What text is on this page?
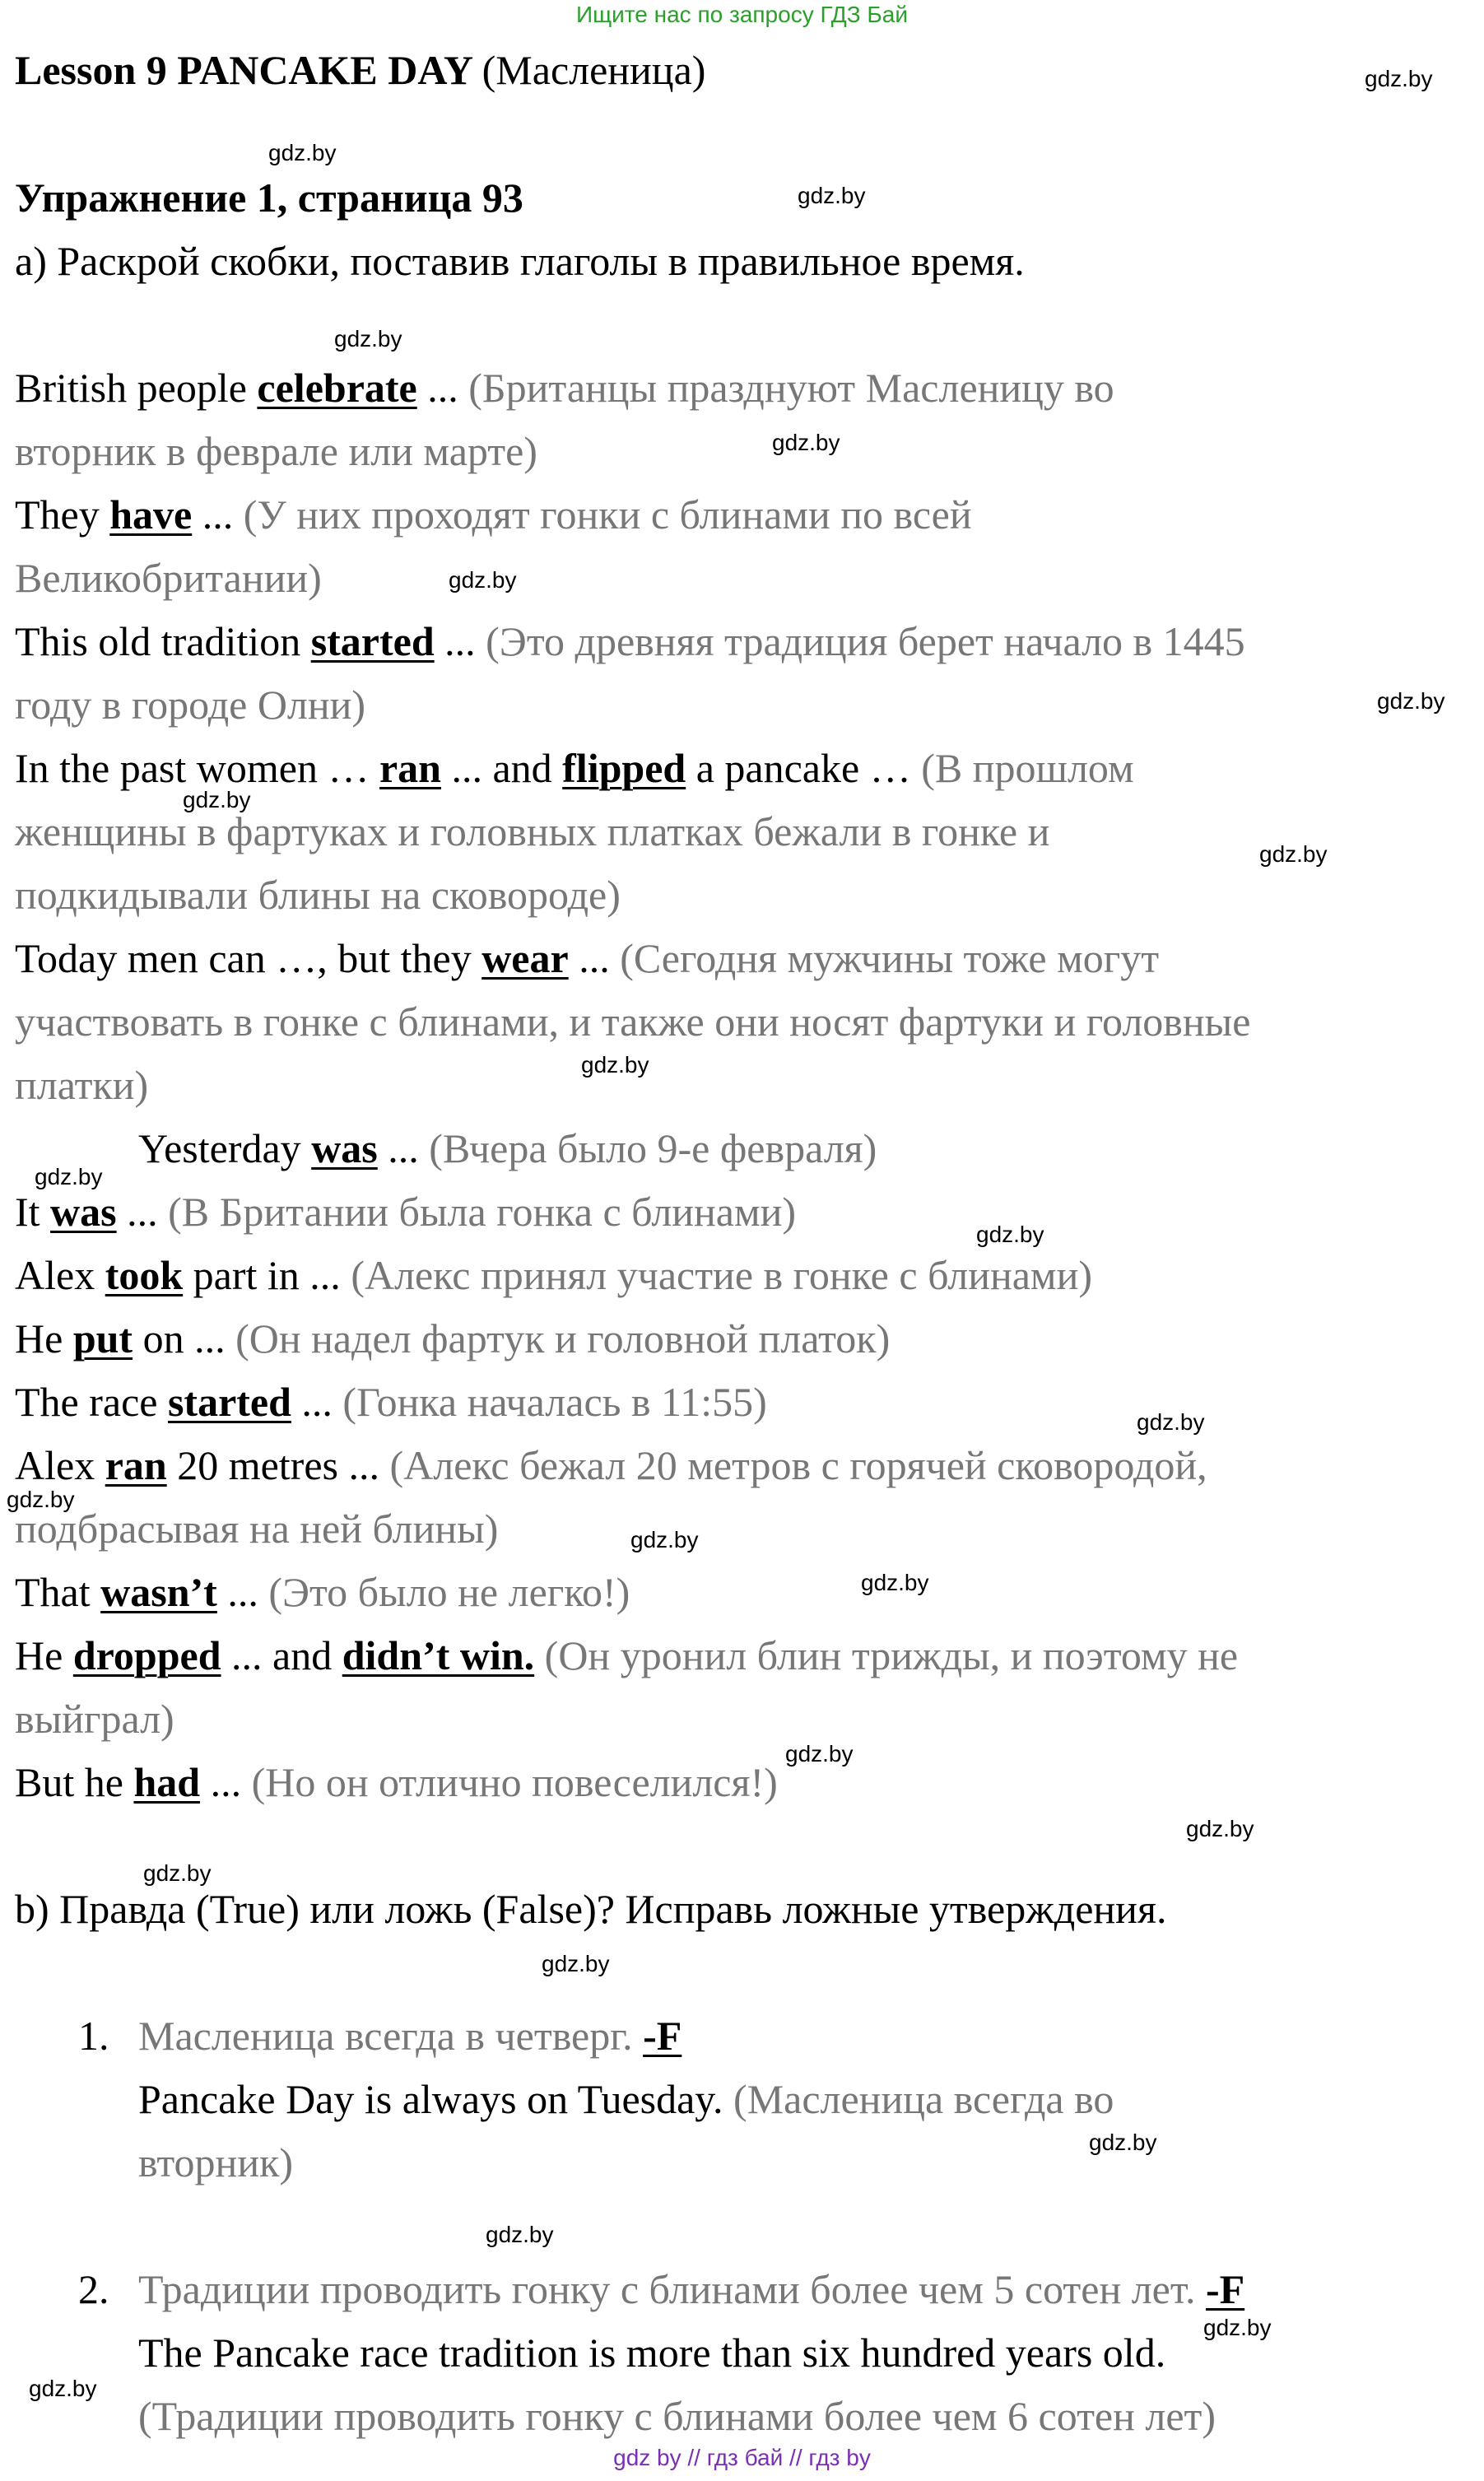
Ищите нас по запросу ГДЗ Бай
Lesson 9 PANCAKE DAY (Масленица)
Упражнение 1, страница 93
a) Раскрой скобки, поставив глаголы в правильное время.
British people celebrate ... (Британцы празднуют Масленицу во
вторник в феврале или марте)
They have ... (У них проходят гонки с блинами по всей
Великобритании)
This old tradition started ... (Это древняя традиция берет начало в 1445
году в городе Олни)
In the past women … ran ... and flipped a pancake … (В прошлом
женщины в фартуках и головных платках бежали в гонке и
подкидывали блины на сковороде)
Today men can …, but they wear ... (Сегодня мужчины тоже могут
участвовать в гонке с блинами, и также они носят фартуки и головные
платки)
Yesterday was ... (Вчера было 9-е февраля)
It was ... (В Британии была гонка с блинами)
Alex took part in ... (Алекс принял участие в гонке с блинами)
He put on ... (Он надел фартук и головной платок)
The race started ... (Гонка началась в 11:55)
Alex ran 20 metres ... (Алекс бежал 20 метров с горячей сковородой,
подбрасывая на ней блины)
That wasn’t ... (Это было не легко!)
He dropped ... and didn’t win. (Он уронил блин трижды, и поэтому не
выйграл)
But he had ... (Но он отлично повеселился!)
b) Правда (True) или ложь (False)? Исправь ложные утверждения.
1. Масленица всегда в четверг. -F
Pancake Day is always on Tuesday. (Масленица всегда во
вторник)
2. Традиции проводить гонку с блинами более чем 5 сотен лет. -F
The Pancake race tradition is more than six hundred years old.
(Традиции проводить гонку с блинами более чем 6 сотен лет)
gdz.by
gdz.by
gdz.by
gdz.by
gdz.by
gdz.by
gdz.by
gdz.by
gdz.by
gdz.by
gdz.by
gdz.by
gdz.by
gdz.by
gdz.by
gdz.by
gdz.by
gdz.by
gdz.by
gdz.by
gdz.by
gdz.by
gdz.by
gdz.by
gdz by // гдз бай // гдз by
